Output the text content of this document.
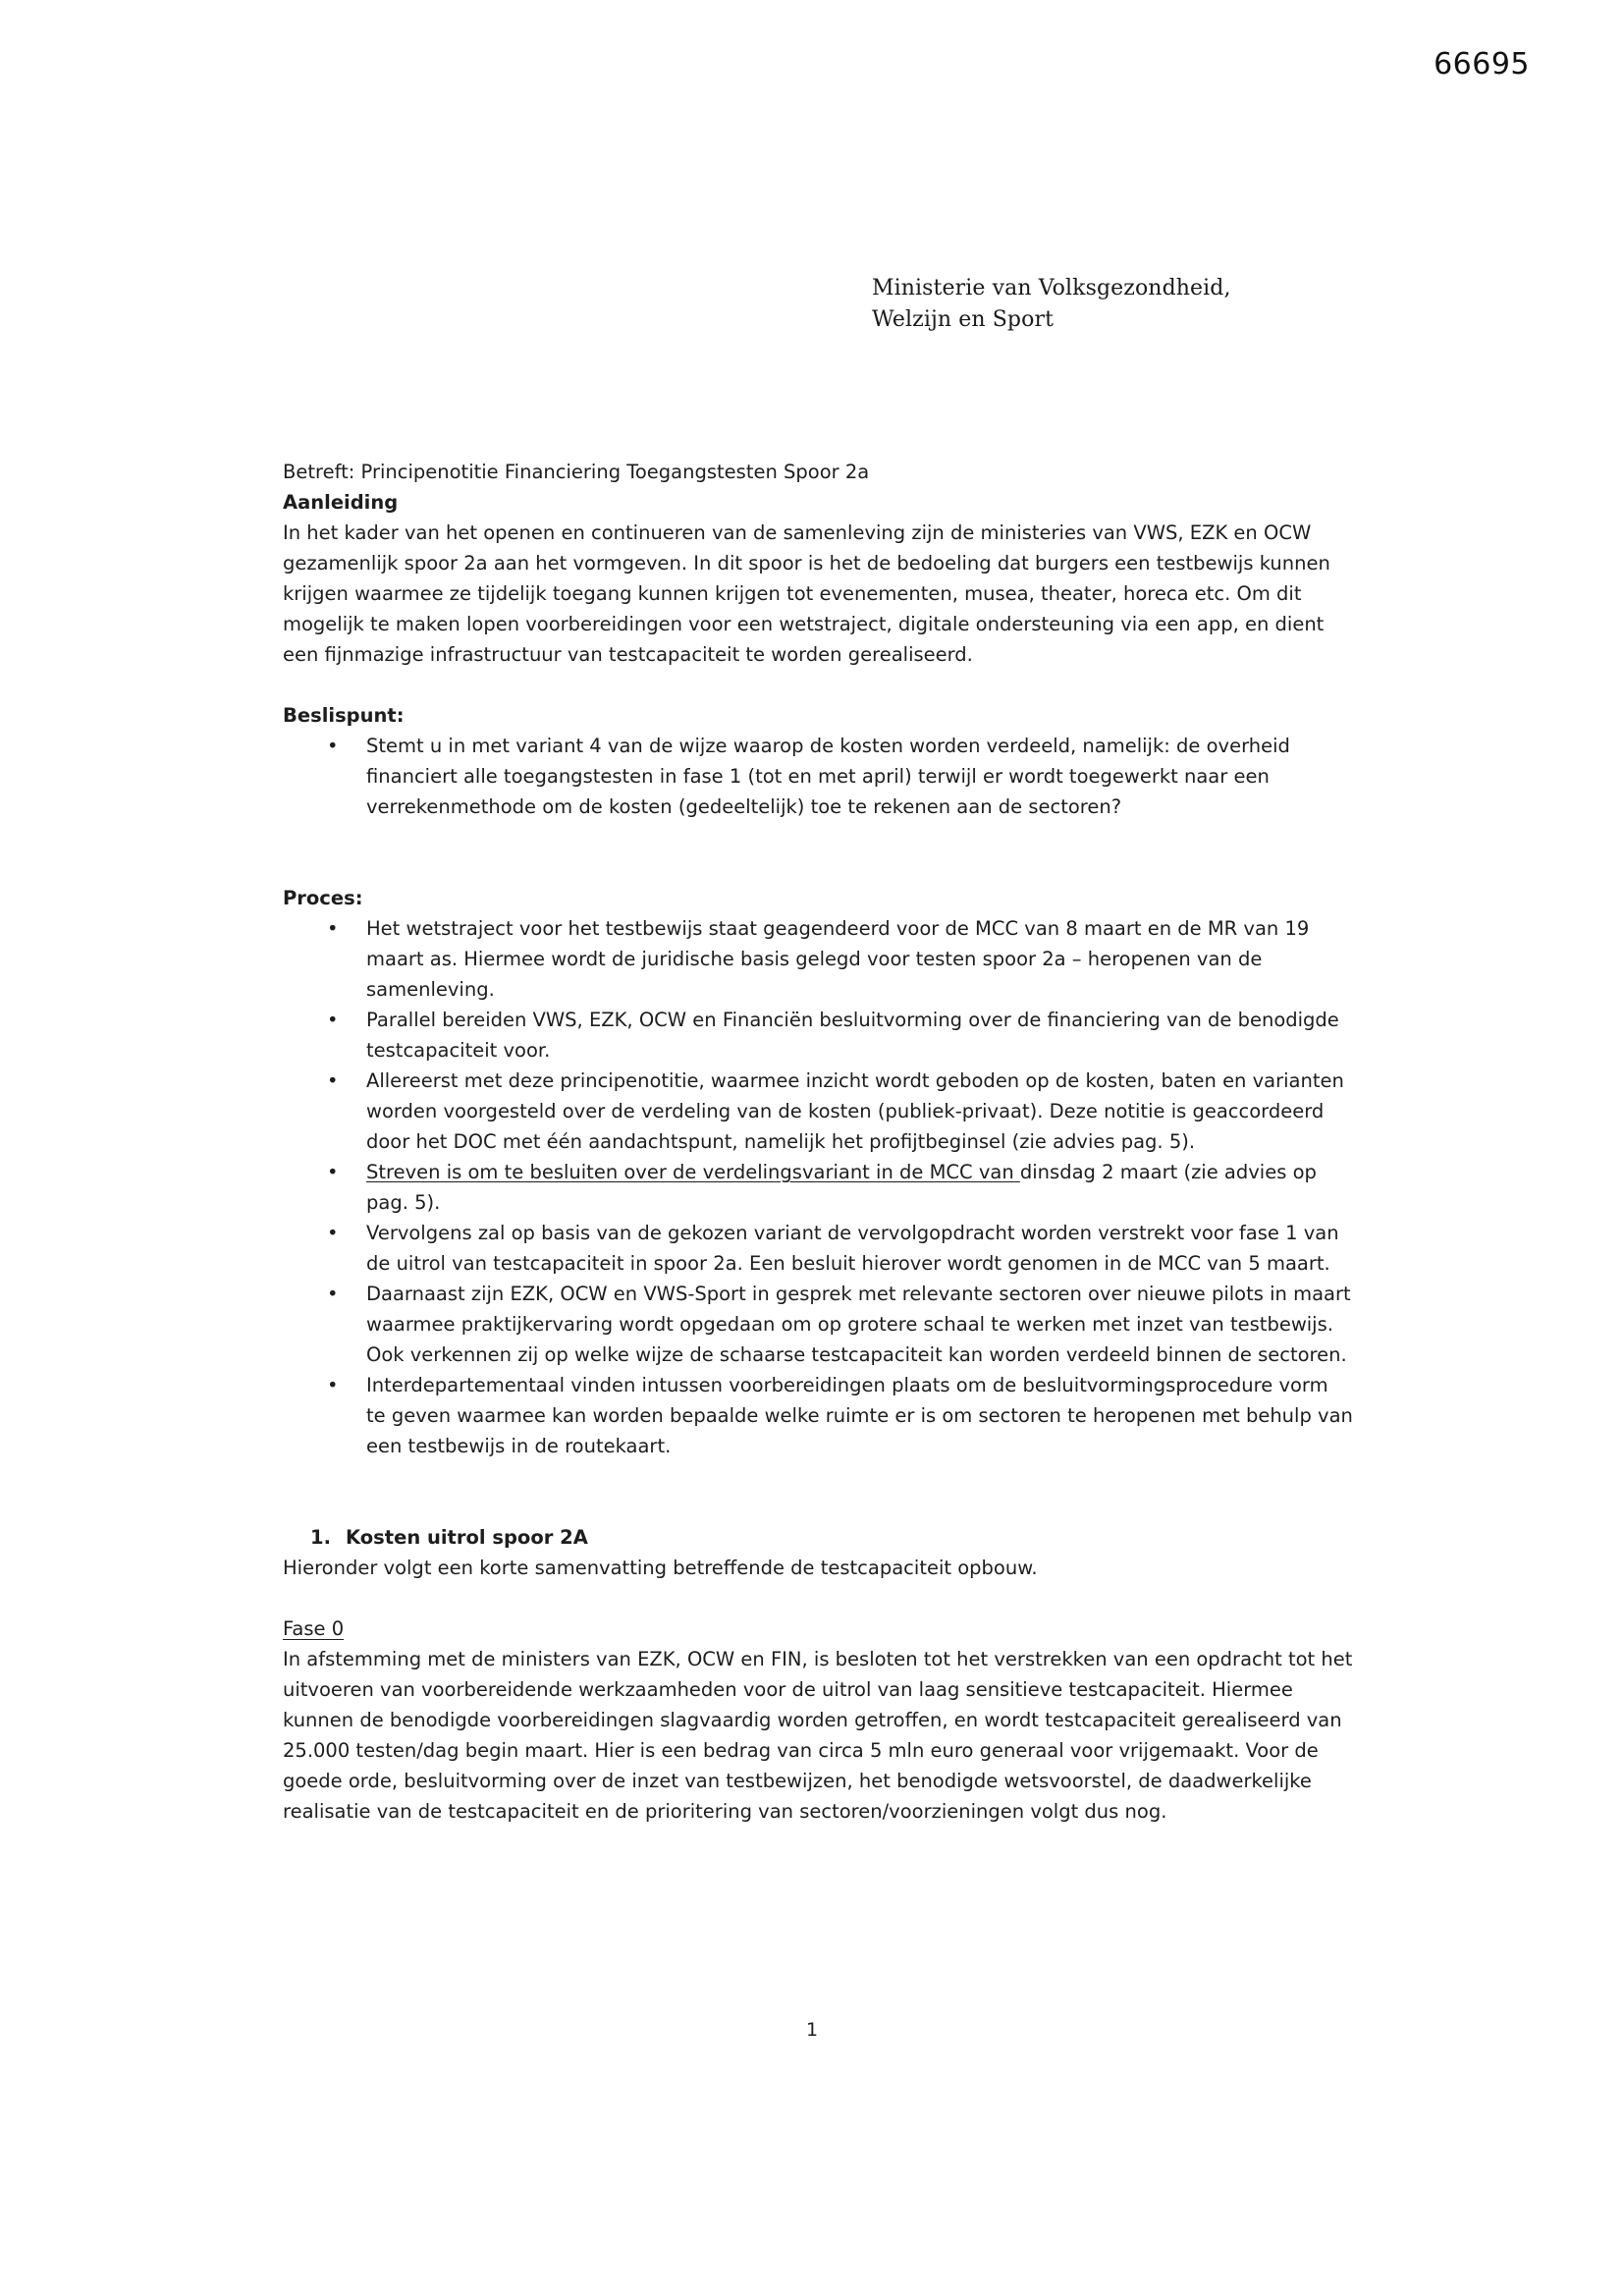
66695
Ministerie van Volksgezondheid,
Welzijn en Sport

Betreft: Principenotitie Financiering Toegangstesten Spoor 2a

Aanleiding

In het kader van het openen en continueren van de samenleving zijn de ministeries van VWS, EZK en OCW gezamenlijk spoor 2a aan het vormgeven. In dit spoor is het de bedoeling dat burgers een testbewijs kunnen krijgen waarmee ze tijdelijk toegang kunnen krijgen tot evenementen, musea, theater, horeca etc. Om dit mogelijk te maken lopen voorbereidingen voor een wetstraject, digitale ondersteuning via een app, en dient een fijnmazige infrastructuur van testcapaciteit te worden gerealiseerd.

Beslispunt:
• Stemt u in met variant 4 van de wijze waarop de kosten worden verdeeld, namelijk: de overheid financiert alle toegangstesten in fase 1 (tot en met april) terwijl er wordt toegewerkt naar een verrekenmethode om de kosten (gedeeltelijk) toe te rekenen aan de sectoren?
Proces:
• Het wetstraject voor het testbewijs staat geagendeerd voor de MCC van 8 maart en de MR van 19 maart as. Hiermee wordt de juridische basis gelegd voor testen spoor 2a – heropenen van de samenleving.
• Parallel bereiden VWS, EZK, OCW en Financiën besluitvorming over de financiering van de benodigde testcapaciteit voor.
• Allereerst met deze principenotitie, waarmee inzicht wordt geboden op de kosten, baten en varianten worden voorgesteld over de verdeling van de kosten (publiek-privaat). Deze notitie is geaccordeerd door het DOC met één aandachtspunt, namelijk het profijtbeginsel (zie advies pag. 5).
• Streven is om te besluiten over de verdelingsvariant in de MCC van dinsdag 2 maart (zie advies op pag. 5).
• Vervolgens zal op basis van de gekozen variant de vervolgopdracht worden verstrekt voor fase 1 van de uitrol van testcapaciteit in spoor 2a. Een besluit hierover wordt genomen in de MCC van 5 maart.
• Daarnaast zijn EZK, OCW en VWS-Sport in gesprek met relevante sectoren over nieuwe pilots in maart waarmee praktijkervaring wordt opgedaan om op grotere schaal te werken met inzet van testbewijs. Ook verkennen zij op welke wijze de schaarse testcapaciteit kan worden verdeeld binnen de sectoren.
• Interdepartementaal vinden intussen voorbereidingen plaats om de besluitvormingsprocedure vorm te geven waarmee kan worden bepaalde welke ruimte er is om sectoren te heropenen met behulp van een testbewijs in de routekaart.
1. Kosten uitrol spoor 2A

Hieronder volgt een korte samenvatting betreffende de testcapaciteit opbouw.

Fase 0

In afstemming met de ministers van EZK, OCW en FIN, is besloten tot het verstrekken van een opdracht tot het uitvoeren van voorbereidende werkzaamheden voor de uitrol van laag sensitieve testcapaciteit. Hiermee kunnen de benodigde voorbereidingen slagvaardig worden getroffen, en wordt testcapaciteit gerealiseerd van 25.000 testen/dag begin maart. Hier is een bedrag van circa 5 mln euro generaal voor vrijgemaakt. Voor de goede orde, besluitvorming over de inzet van testbewijzen, het benodigde wetsvoorstel, de daadwerkelijke realisatie van de testcapaciteit en de prioritering van sectoren/voorzieningen volgt dus nog.

1
